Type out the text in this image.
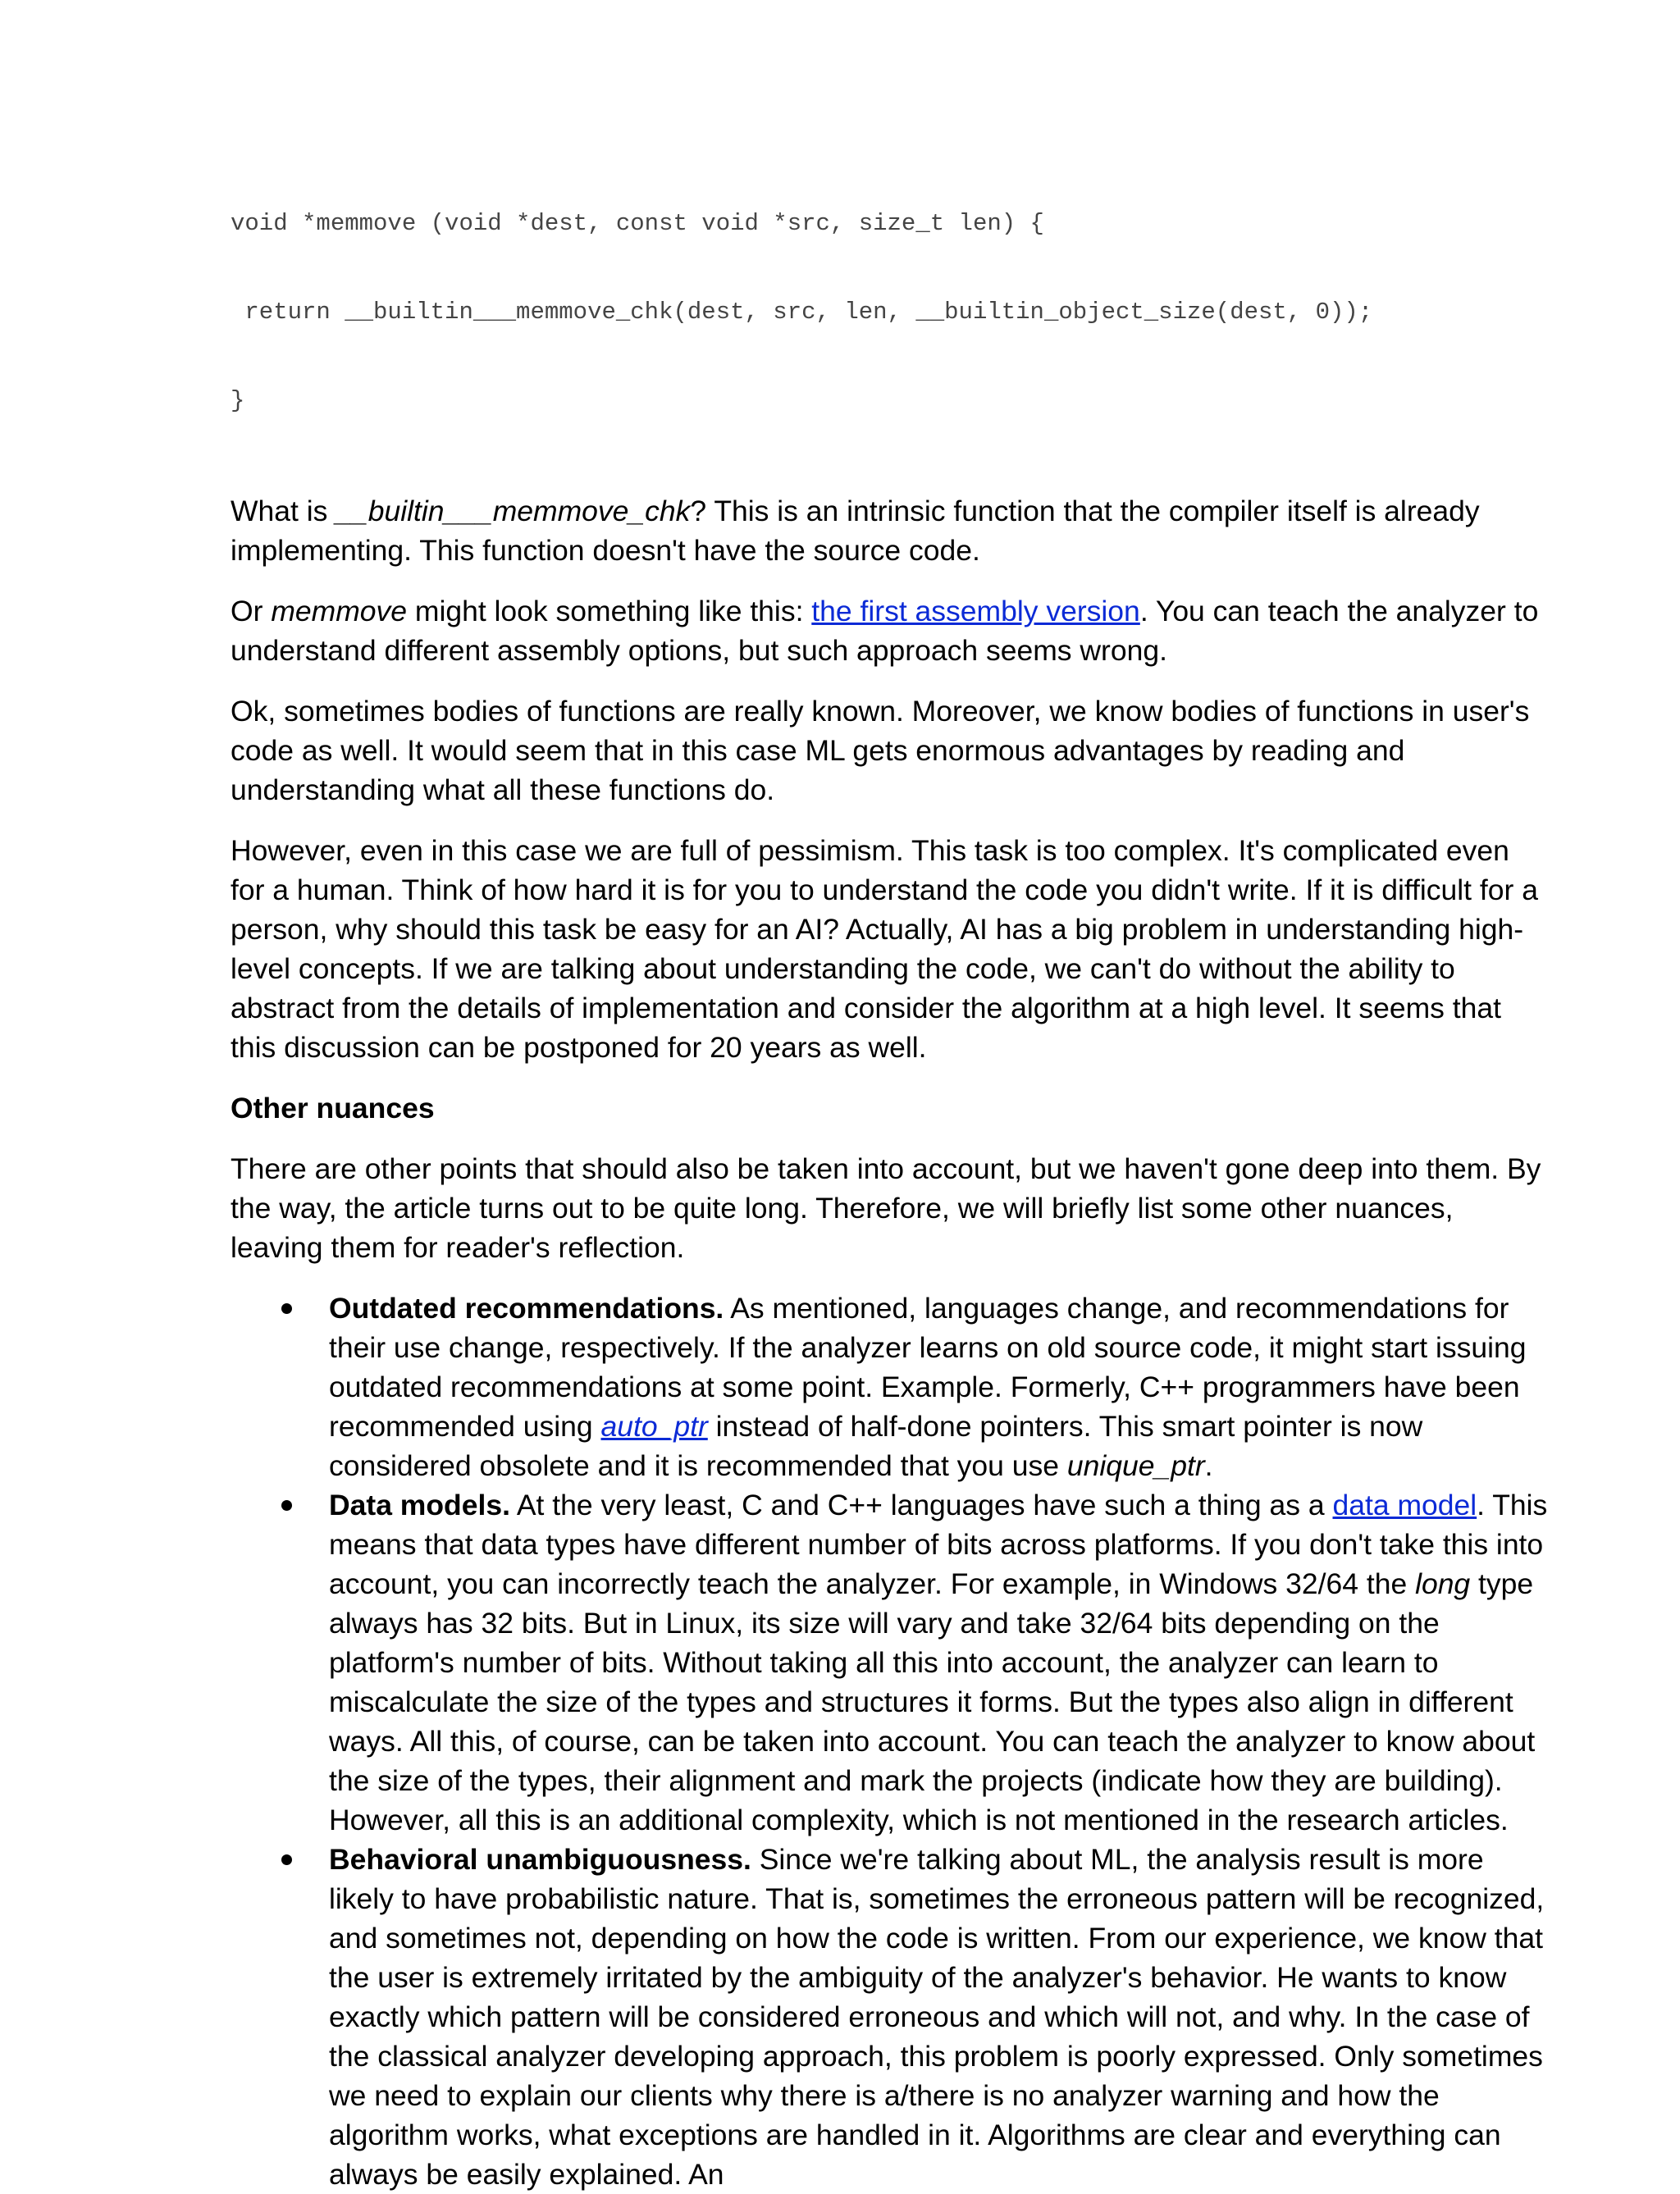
void *memmove (void *dest, const void *src, size_t len) {

return __builtin___memmove_chk(dest, src, len, __builtin_object_size(dest, 0));

}

What is __builtin___memmove_chk? This is an intrinsic function that the compiler itself is already implementing. This function doesn't have the source code.

Or memmove might look something like this: the first assembly version. You can teach the analyzer to understand different assembly options, but such approach seems wrong.

Ok, sometimes bodies of functions are really known. Moreover, we know bodies of functions in user's code as well. It would seem that in this case ML gets enormous advantages by reading and understanding what all these functions do.

However, even in this case we are full of pessimism. This task is too complex. It's complicated even for a human. Think of how hard it is for you to understand the code you didn't write. If it is difficult for a person, why should this task be easy for an AI? Actually, AI has a big problem in understanding high-level concepts. If we are talking about understanding the code, we can't do without the ability to abstract from the details of implementation and consider the algorithm at a high level. It seems that this discussion can be postponed for 20 years as well.

Other nuances

There are other points that should also be taken into account, but we haven't gone deep into them. By the way, the article turns out to be quite long. Therefore, we will briefly list some other nuances, leaving them for reader's reflection.

Outdated recommendations. As mentioned, languages change, and recommendations for their use change, respectively. If the analyzer learns on old source code, it might start issuing outdated recommendations at some point. Example. Formerly, C++ programmers have been recommended using auto_ptr instead of half-done pointers. This smart pointer is now considered obsolete and it is recommended that you use unique_ptr.
Data models. At the very least, C and C++ languages have such a thing as a data model. This means that data types have different number of bits across platforms. If you don't take this into account, you can incorrectly teach the analyzer. For example, in Windows 32/64 the long type always has 32 bits. But in Linux, its size will vary and take 32/64 bits depending on the platform's number of bits. Without taking all this into account, the analyzer can learn to miscalculate the size of the types and structures it forms. But the types also align in different ways. All this, of course, can be taken into account. You can teach the analyzer to know about the size of the types, their alignment and mark the projects (indicate how they are building). However, all this is an additional complexity, which is not mentioned in the research articles.
Behavioral unambiguousness. Since we're talking about ML, the analysis result is more likely to have probabilistic nature. That is, sometimes the erroneous pattern will be recognized, and sometimes not, depending on how the code is written. From our experience, we know that the user is extremely irritated by the ambiguity of the analyzer's behavior. He wants to know exactly which pattern will be considered erroneous and which will not, and why. In the case of the classical analyzer developing approach, this problem is poorly expressed. Only sometimes we need to explain our clients why there is a/there is no analyzer warning and how the algorithm works, what exceptions are handled in it. Algorithms are clear and everything can always be easily explained. An
